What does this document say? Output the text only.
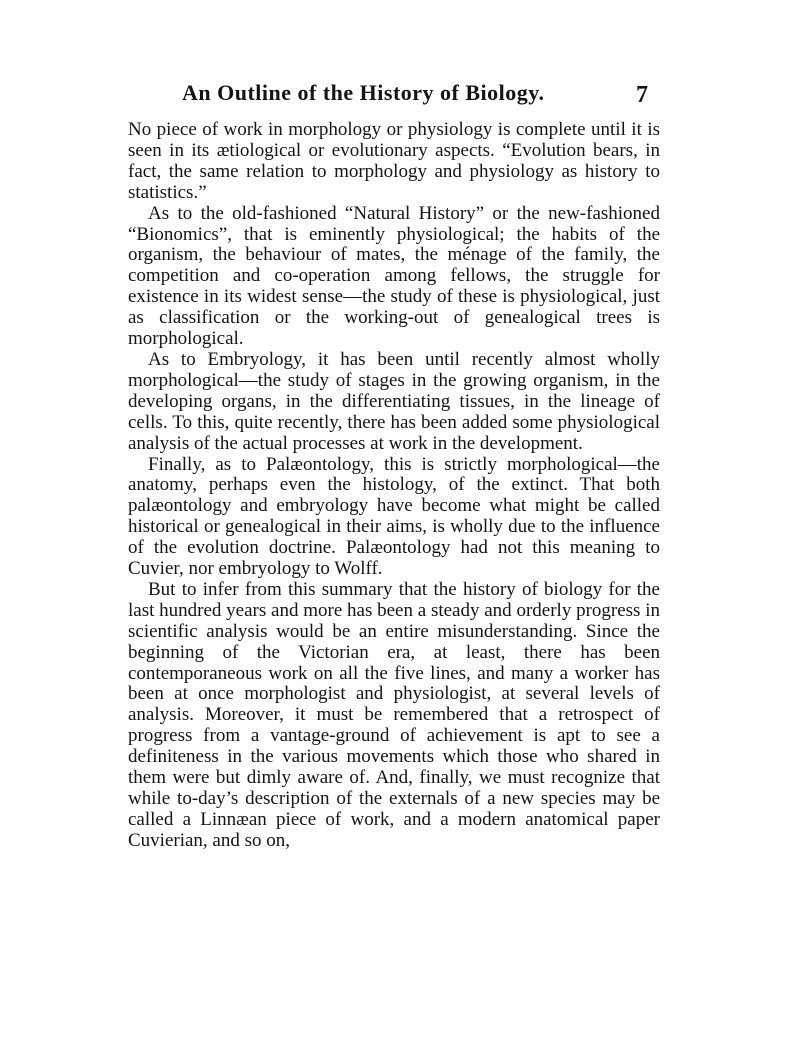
An Outline of the History of Biology.	7

No piece of work in morphology or physiology is complete until it is seen in its ætiological or evolutionary aspects. “Evolution bears, in fact, the same relation to morphology and physiology as history to statistics.”

As to the old-fashioned “Natural History” or the new-fashioned “Bionomics”, that is eminently physiological; the habits of the organism, the behaviour of mates, the ménage of the family, the competition and co-operation among fellows, the struggle for existence in its widest sense—the study of these is physiological, just as classification or the working-out of genealogical trees is morphological.

As to Embryology, it has been until recently almost wholly morphological—the study of stages in the growing organism, in the developing organs, in the differentiating tissues, in the lineage of cells. To this, quite recently, there has been added some physiological analysis of the actual processes at work in the development.

Finally, as to Palæontology, this is strictly morphological—the anatomy, perhaps even the histology, of the extinct. That both palæontology and embryology have become what might be called historical or genealogical in their aims, is wholly due to the influence of the evolution doctrine. Palæontology had not this meaning to Cuvier, nor embryology to Wolff.

But to infer from this summary that the history of biology for the last hundred years and more has been a steady and orderly progress in scientific analysis would be an entire misunderstanding. Since the beginning of the Victorian era, at least, there has been contemporaneous work on all the five lines, and many a worker has been at once morphologist and physiologist, at several levels of analysis. Moreover, it must be remembered that a retrospect of progress from a vantage-ground of achievement is apt to see a definiteness in the various movements which those who shared in them were but dimly aware of. And, finally, we must recognize that while to-day’s description of the externals of a new species may be called a Linnæan piece of work, and a modern anatomical paper Cuvierian, and so on,
